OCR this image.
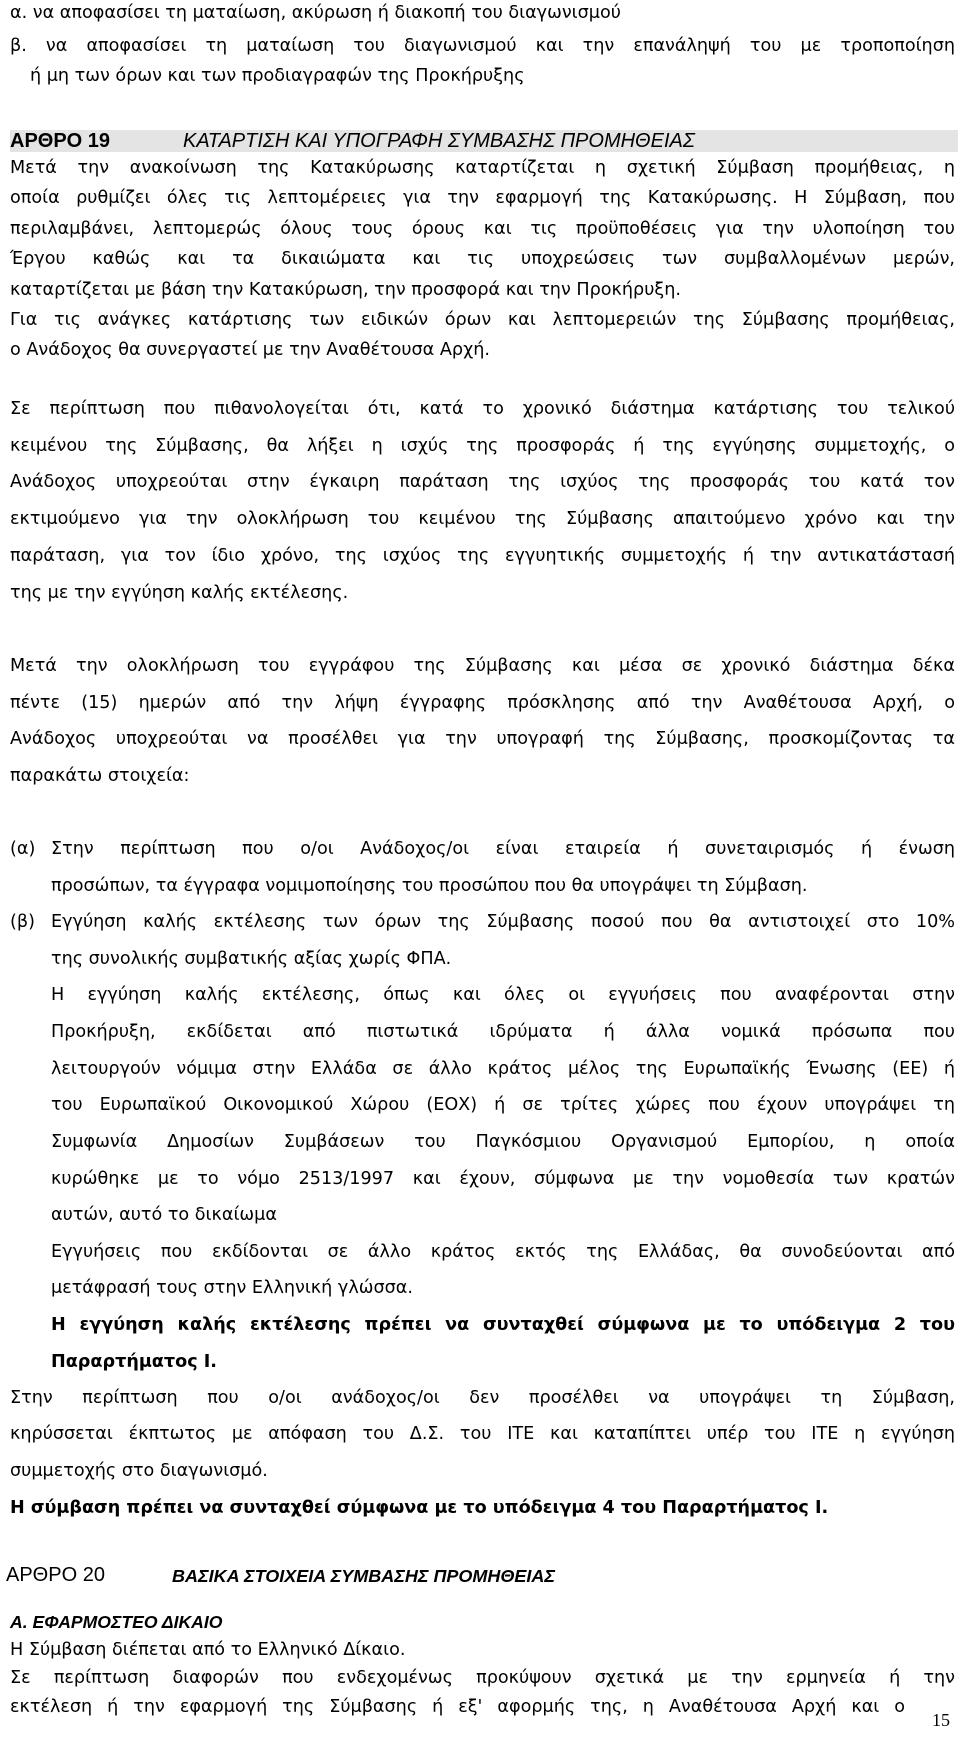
α. να αποφασίσει τη ματαίωση, ακύρωση ή διακοπή του διαγωνισμού
β. να αποφασίσει τη ματαίωση του διαγωνισμού και την επανάληψή του με τροποποίηση
ή μη των όρων και των προδιαγραφών της Προκήρυξης
ΑΡΘΡΟ 19	ΚΑΤΑΡΤΙΣΗ ΚΑΙ ΥΠΟΓΡΑΦΗ ΣΥΜΒΑΣΗΣ ΠΡΟΜΗΘΕΙΑΣ
Μετά την ανακοίνωση της Κατακύρωσης καταρτίζεται η σχετική Σύμβαση προμήθειας, η
οποία ρυθμίζει όλες τις λεπτομέρειες για την εφαρμογή της Κατακύρωσης. Η Σύμβαση, που
περιλαμβάνει, λεπτομερώς όλους τους όρους και τις προϋποθέσεις για την υλοποίηση του
Έργου καθώς και τα δικαιώματα και τις υποχρεώσεις των συμβαλλομένων μερών,
καταρτίζεται με βάση την Κατακύρωση, την προσφορά και την Προκήρυξη.
Για τις ανάγκες κατάρτισης των ειδικών όρων και λεπτομερειών της Σύμβασης προμήθειας,
ο Ανάδοχος θα συνεργαστεί με την Αναθέτουσα Αρχή.
Σε περίπτωση που πιθανολογείται ότι, κατά το χρονικό διάστημα κατάρτισης του τελικού
κειμένου της Σύμβασης, θα λήξει η ισχύς της προσφοράς ή της εγγύησης συμμετοχής, ο
Ανάδοχος υποχρεούται στην έγκαιρη παράταση της ισχύος της προσφοράς του κατά τον
εκτιμούμενο για την ολοκλήρωση του κειμένου της Σύμβασης απαιτούμενο χρόνο και την
παράταση, για τον ίδιο χρόνο, της ισχύος της εγγυητικής συμμετοχής ή την αντικατάστασή
της με την εγγύηση καλής εκτέλεσης.
Μετά την ολοκλήρωση του εγγράφου της Σύμβασης και μέσα σε χρονικό διάστημα δέκα
πέντε (15) ημερών από την λήψη έγγραφης πρόσκλησης από την Αναθέτουσα Αρχή, ο
Ανάδοχος υποχρεούται να προσέλθει για την υπογραφή της Σύμβασης, προσκομίζοντας τα
παρακάτω στοιχεία:
(α) Στην περίπτωση που ο/οι Ανάδοχος/οι είναι εταιρεία ή συνεταιρισμός ή ένωση
προσώπων, τα έγγραφα νομιμοποίησης του προσώπου που θα υπογράψει τη Σύμβαση.
(β) Εγγύηση καλής εκτέλεσης των όρων της Σύμβασης ποσού που θα αντιστοιχεί στο 10%
της συνολικής συμβατικής αξίας χωρίς ΦΠΑ.
Η εγγύηση καλής εκτέλεσης, όπως και όλες οι εγγυήσεις που αναφέρονται στην
Προκήρυξη, εκδίδεται από πιστωτικά ιδρύματα ή άλλα νομικά πρόσωπα που
λειτουργούν νόμιμα στην Ελλάδα σε άλλο κράτος μέλος της Ευρωπαϊκής Ένωσης (ΕΕ) ή
του Ευρωπαϊκού Οικονομικού Χώρου (ΕΟΧ) ή σε τρίτες χώρες που έχουν υπογράψει τη
Συμφωνία Δημοσίων Συμβάσεων του Παγκόσμιου Οργανισμού Εμπορίου, η οποία
κυρώθηκε με το νόμο 2513/1997 και έχουν, σύμφωνα με την νομοθεσία των κρατών
αυτών, αυτό το δικαίωμα
Εγγυήσεις που εκδίδονται σε άλλο κράτος εκτός της Ελλάδας, θα συνοδεύονται από
μετάφρασή τους στην Ελληνική γλώσσα.
Η εγγύηση καλής εκτέλεσης πρέπει να συνταχθεί σύμφωνα με το υπόδειγμα 2 του
Παραρτήματος Ι.
Στην περίπτωση που ο/οι ανάδοχος/οι δεν προσέλθει να υπογράψει τη Σύμβαση,
κηρύσσεται έκπτωτος με απόφαση του Δ.Σ. του ΙΤΕ και καταπίπτει υπέρ του ΙΤΕ η εγγύηση
συμμετοχής στο διαγωνισμό.
Η σύμβαση πρέπει να συνταχθεί σύμφωνα με το υπόδειγμα 4 του Παραρτήματος Ι.
ΑΡΘΡΟ 20	ΒΑΣΙΚΑ ΣΤΟΙΧΕΙΑ ΣΥΜΒΑΣΗΣ ΠΡΟΜΗΘΕΙΑΣ
Α. ΕΦΑΡΜΟΣΤΕΟ ΔΙΚΑΙΟ
Η Σύμβαση διέπεται από το Ελληνικό Δίκαιο.
Σε περίπτωση διαφορών που ενδεχομένως προκύψουν σχετικά με την ερμηνεία ή την
εκτέλεση ή την εφαρμογή της Σύμβασης ή εξ' αφορμής της, η Αναθέτουσα Αρχή και ο
15
